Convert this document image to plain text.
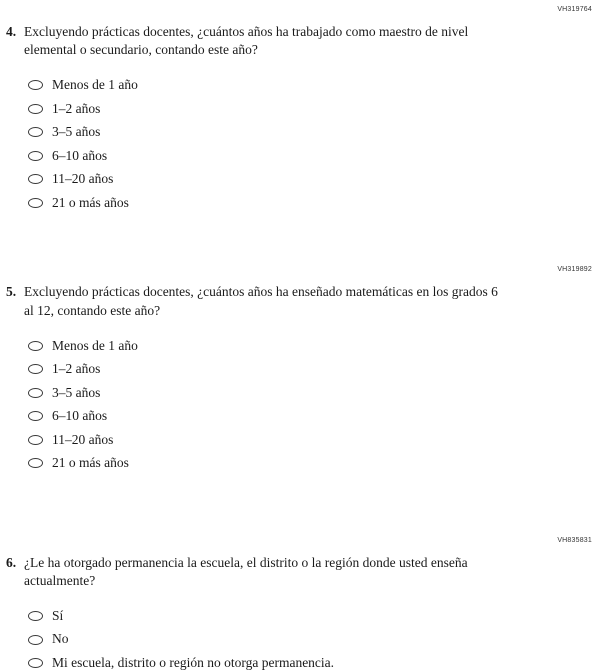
VH319764
4. Excluyendo prácticas docentes, ¿cuántos años ha trabajado como maestro de nivel elemental o secundario, contando este año?
Menos de 1 año
1–2 años
3–5 años
6–10 años
11–20 años
21 o más años
VH319892
5. Excluyendo prácticas docentes, ¿cuántos años ha enseñado matemáticas en los grados 6 al 12, contando este año?
Menos de 1 año
1–2 años
3–5 años
6–10 años
11–20 años
21 o más años
VH835831
6. ¿Le ha otorgado permanencia la escuela, el distrito o la región donde usted enseña actualmente?
Sí
No
Mi escuela, distrito o región no otorga permanencia.
